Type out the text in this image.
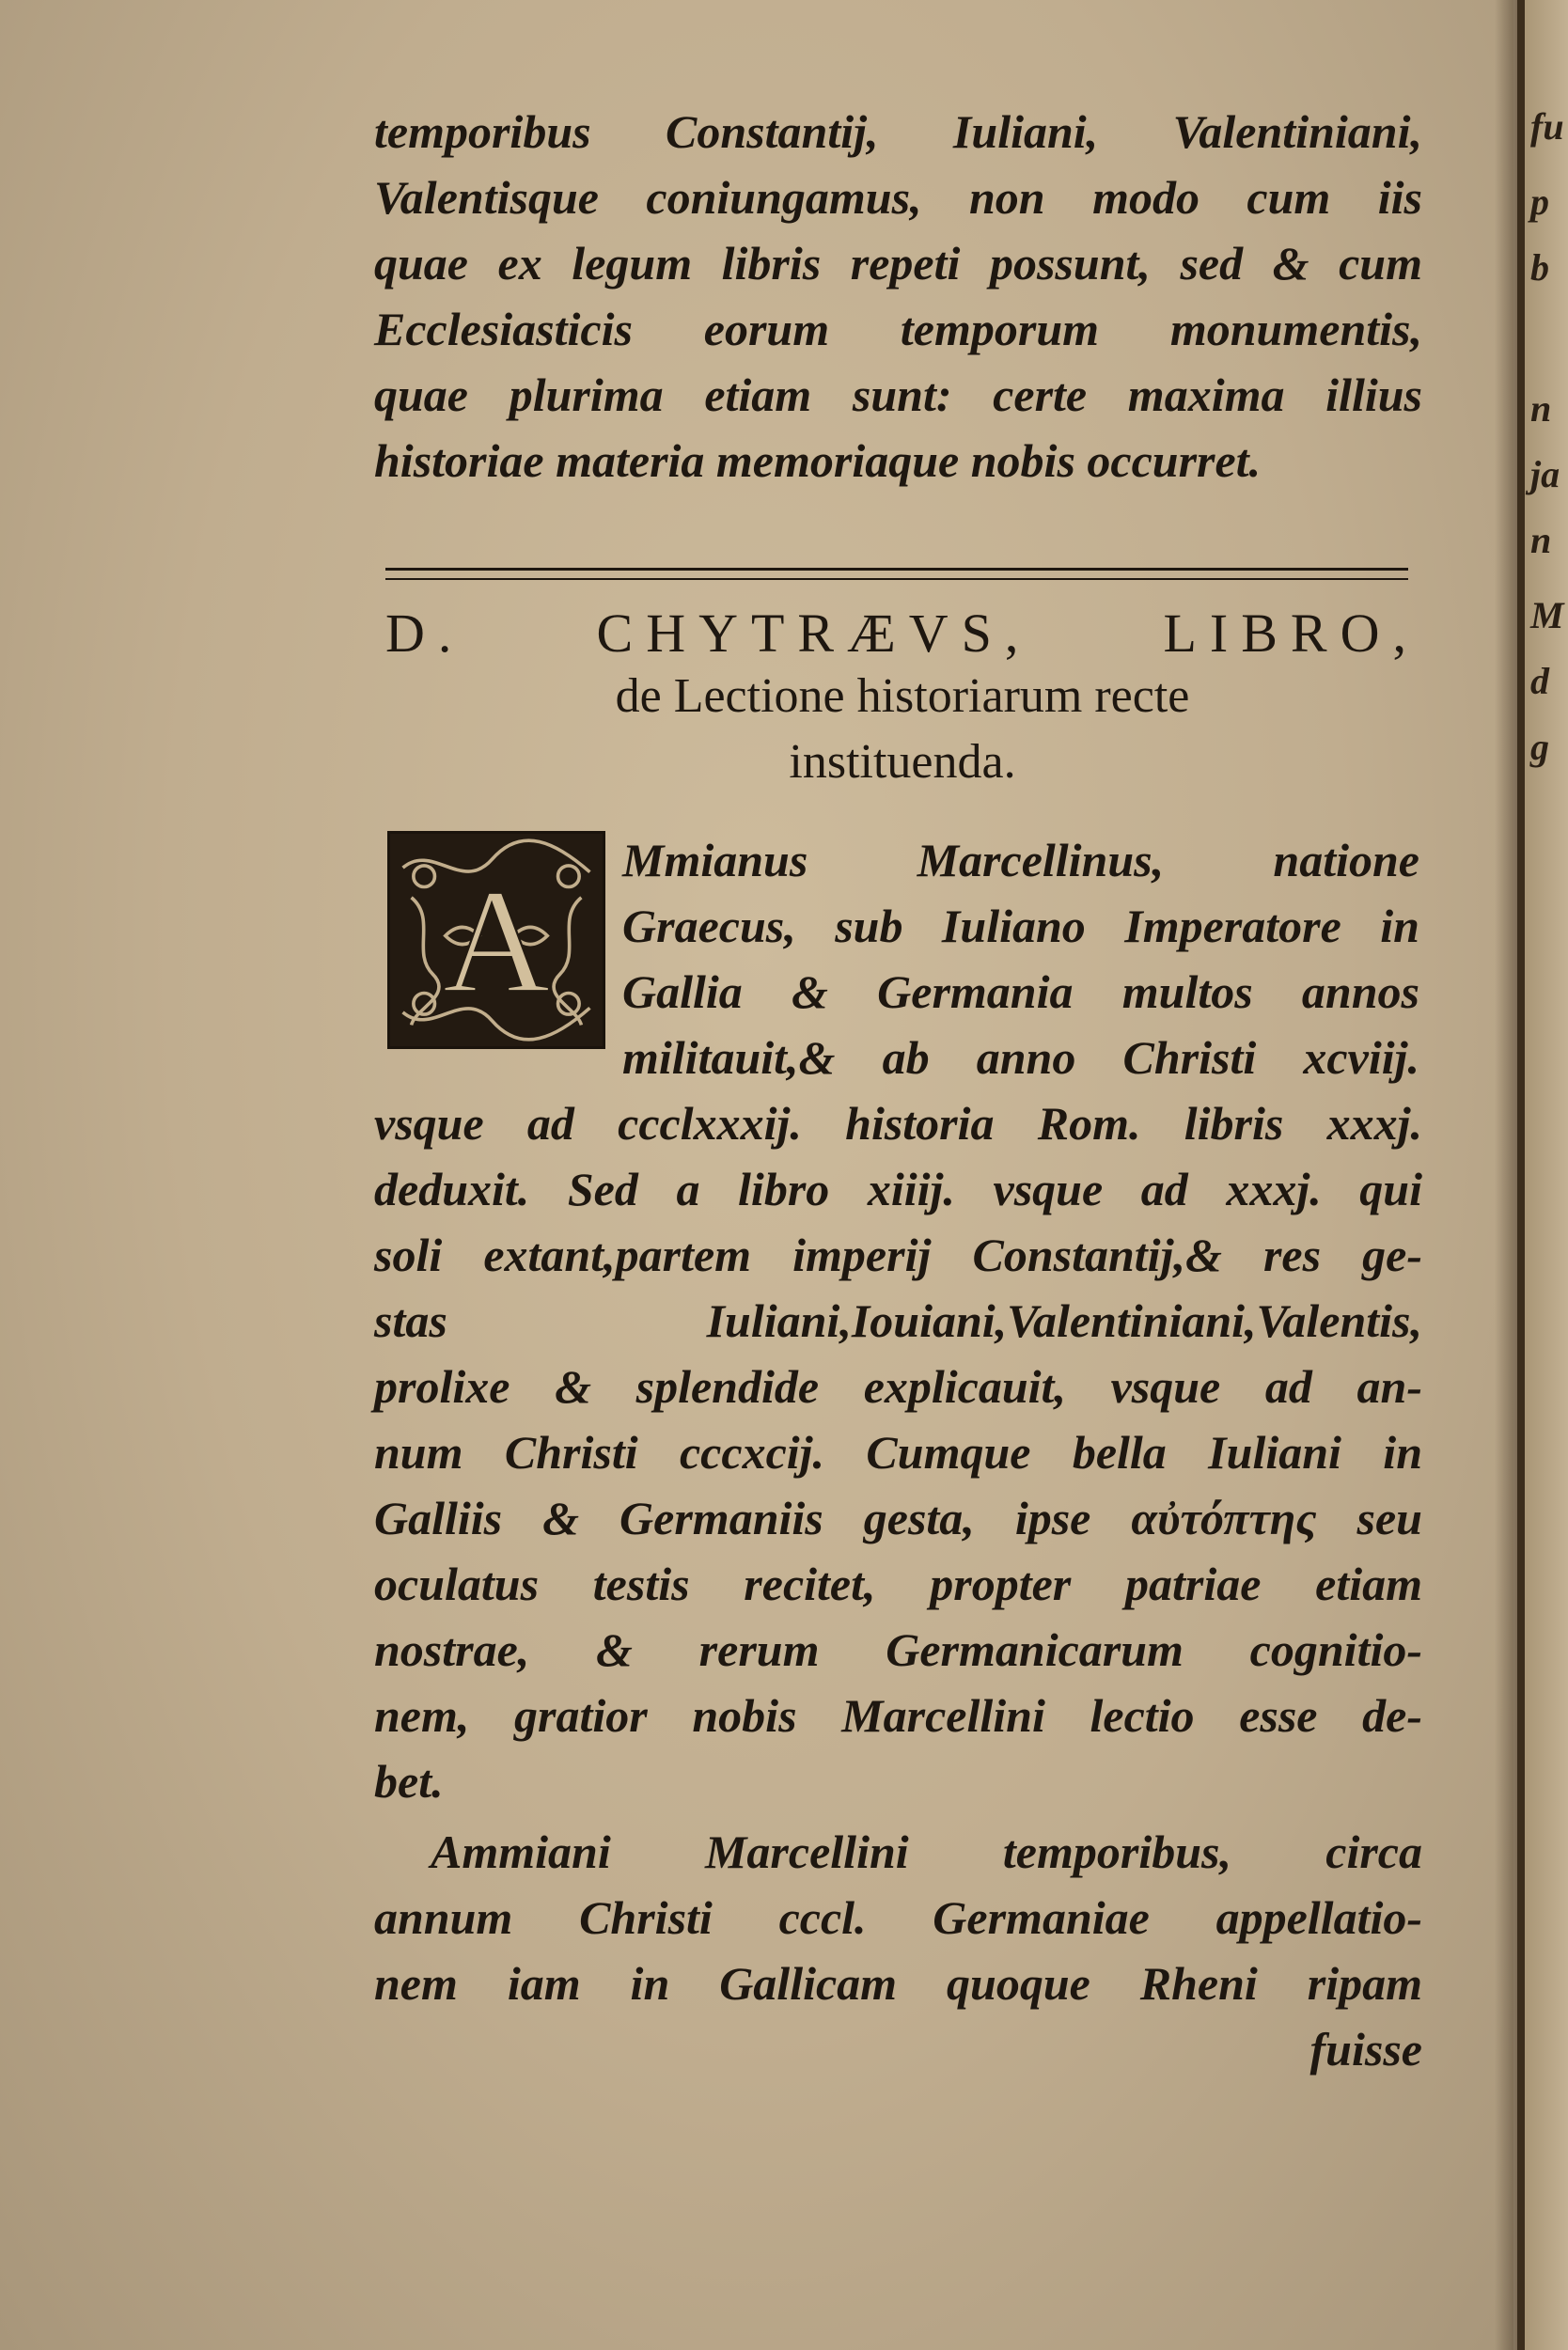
fu
p
b
n
ja
n
M
d
g
temporibus Constantij, Iuliani, Valentiniani,
Valentisque coniungamus, non modo cum iis
quae ex legum libris repeti possunt, sed & cum
Ecclesiasticis eorum temporum monumentis,
quae plurima etiam sunt: certe maxima illius
historiae materia memoriaque nobis occurret.
D. CHYTRÆVS, LIBRO,
de Lectione historiarum recte
instituenda.
A Mmianus Marcellinus, natione
Graecus, sub Iuliano Imperatore in
Gallia & Germania multos annos
militauit,& ab anno Christi xcviij.
vsque ad ccclxxxij. historia Rom. libris xxxj.
deduxit. Sed a libro xiiij. vsque ad xxxj. qui
soli extant,partem imperij Constantij,& res ge-
stas Iuliani,Iouiani,Valentiniani,Valentis,
prolixe & splendide explicauit, vsque ad an-
num Christi cccxcij. Cumque bella Iuliani in
Galliis & Germaniis gesta, ipse αὐτόπτης seu
oculatus testis recitet, propter patriae etiam
nostrae, & rerum Germanicarum cognitio-
nem, gratior nobis Marcellini lectio esse de-
bet.
Ammiani Marcellini temporibus, circa
annum Christi cccl. Germaniae appellatio-
nem iam in Gallicam quoque Rheni ripam
fuisse
